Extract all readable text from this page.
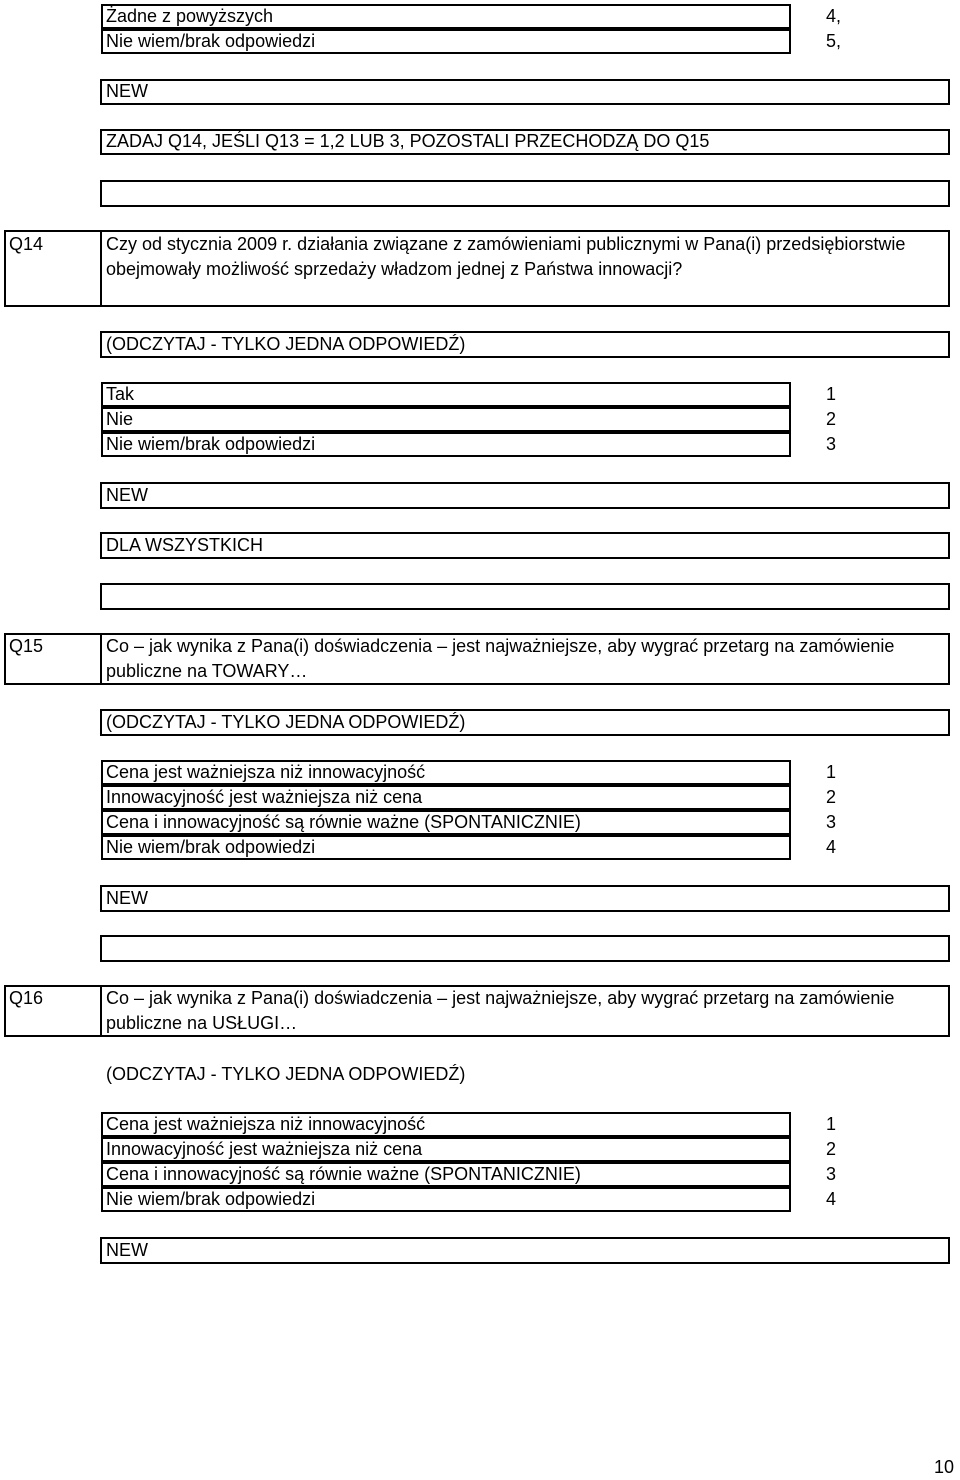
Żadne z powyższych	4,
Nie wiem/brak odpowiedzi	5,
NEW
ZADAJ Q14, JEŚLI Q13 = 1,2 LUB 3, POZOSTALI PRZECHODZĄ DO Q15
Q14	Czy od stycznia 2009 r. działania związane z zamówieniami publicznymi w Pana(i) przedsiębiorstwie obejmowały możliwość sprzedaży władzom jednej z Państwa innowacji?
(ODCZYTAJ - TYLKO JEDNA ODPOWIEDŹ)
Tak	1
Nie	2
Nie wiem/brak odpowiedzi	3
NEW
DLA WSZYSTKICH
Q15	Co – jak wynika z Pana(i) doświadczenia – jest najważniejsze, aby wygrać przetarg na zamówienie publiczne na TOWARY…
(ODCZYTAJ - TYLKO JEDNA ODPOWIEDŹ)
Cena jest ważniejsza niż innowacyjność	1
Innowacyjność jest ważniejsza niż cena	2
Cena i innowacyjność są równie ważne (SPONTANICZNIE)	3
Nie wiem/brak odpowiedzi	4
NEW
Q16	Co – jak wynika z Pana(i) doświadczenia – jest najważniejsze, aby wygrać przetarg na zamówienie publiczne na USŁUGI…
(ODCZYTAJ - TYLKO JEDNA ODPOWIEDŹ)
Cena jest ważniejsza niż innowacyjność	1
Innowacyjność jest ważniejsza niż cena	2
Cena i innowacyjność są równie ważne (SPONTANICZNIE)	3
Nie wiem/brak odpowiedzi	4
NEW
10
